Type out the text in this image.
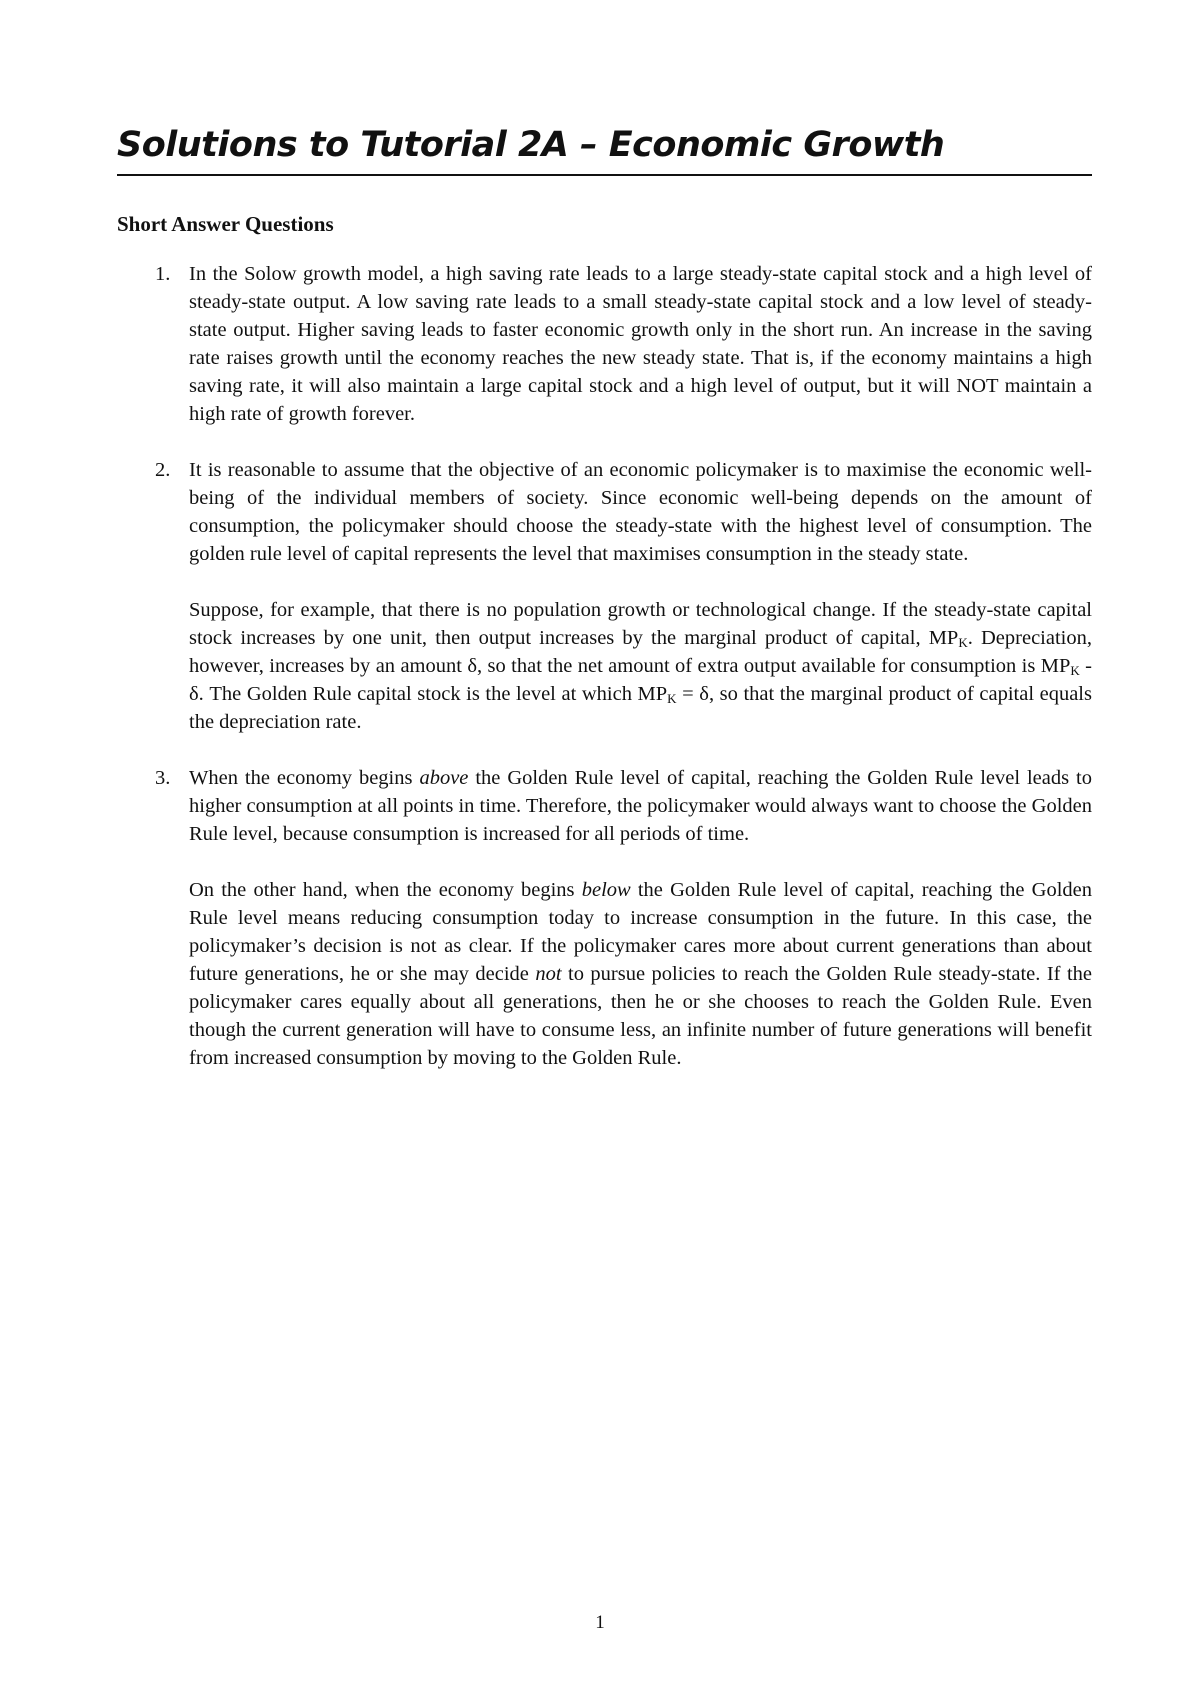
Solutions to Tutorial 2A – Economic Growth
Short Answer Questions
1. In the Solow growth model, a high saving rate leads to a large steady-state capital stock and a high level of steady-state output. A low saving rate leads to a small steady-state capital stock and a low level of steady-state output. Higher saving leads to faster economic growth only in the short run. An increase in the saving rate raises growth until the economy reaches the new steady state. That is, if the economy maintains a high saving rate, it will also maintain a large capital stock and a high level of output, but it will NOT maintain a high rate of growth forever.

2. It is reasonable to assume that the objective of an economic policymaker is to maximise the economic well-being of the individual members of society. Since economic well-being depends on the amount of consumption, the policymaker should choose the steady-state with the highest level of consumption. The golden rule level of capital represents the level that maximises consumption in the steady state.

Suppose, for example, that there is no population growth or technological change. If the steady-state capital stock increases by one unit, then output increases by the marginal product of capital, $MP_K$. Depreciation, however, increases by an amount δ, so that the net amount of extra output available for consumption is $MP_K$ - δ. The Golden Rule capital stock is the level at which $MP_K = \delta$, so that the marginal product of capital equals the depreciation rate.

3. When the economy begins above the Golden Rule level of capital, reaching the Golden Rule level leads to higher consumption at all points in time. Therefore, the policymaker would always want to choose the Golden Rule level, because consumption is increased for all periods of time.

On the other hand, when the economy begins below the Golden Rule level of capital, reaching the Golden Rule level means reducing consumption today to increase consumption in the future. In this case, the policymaker’s decision is not as clear. If the policymaker cares more about current generations than about future generations, he or she may decide not to pursue policies to reach the Golden Rule steady-state. If the policymaker cares equally about all generations, then he or she chooses to reach the Golden Rule. Even though the current generation will have to consume less, an infinite number of future generations will benefit from increased consumption by moving to the Golden Rule.

1
